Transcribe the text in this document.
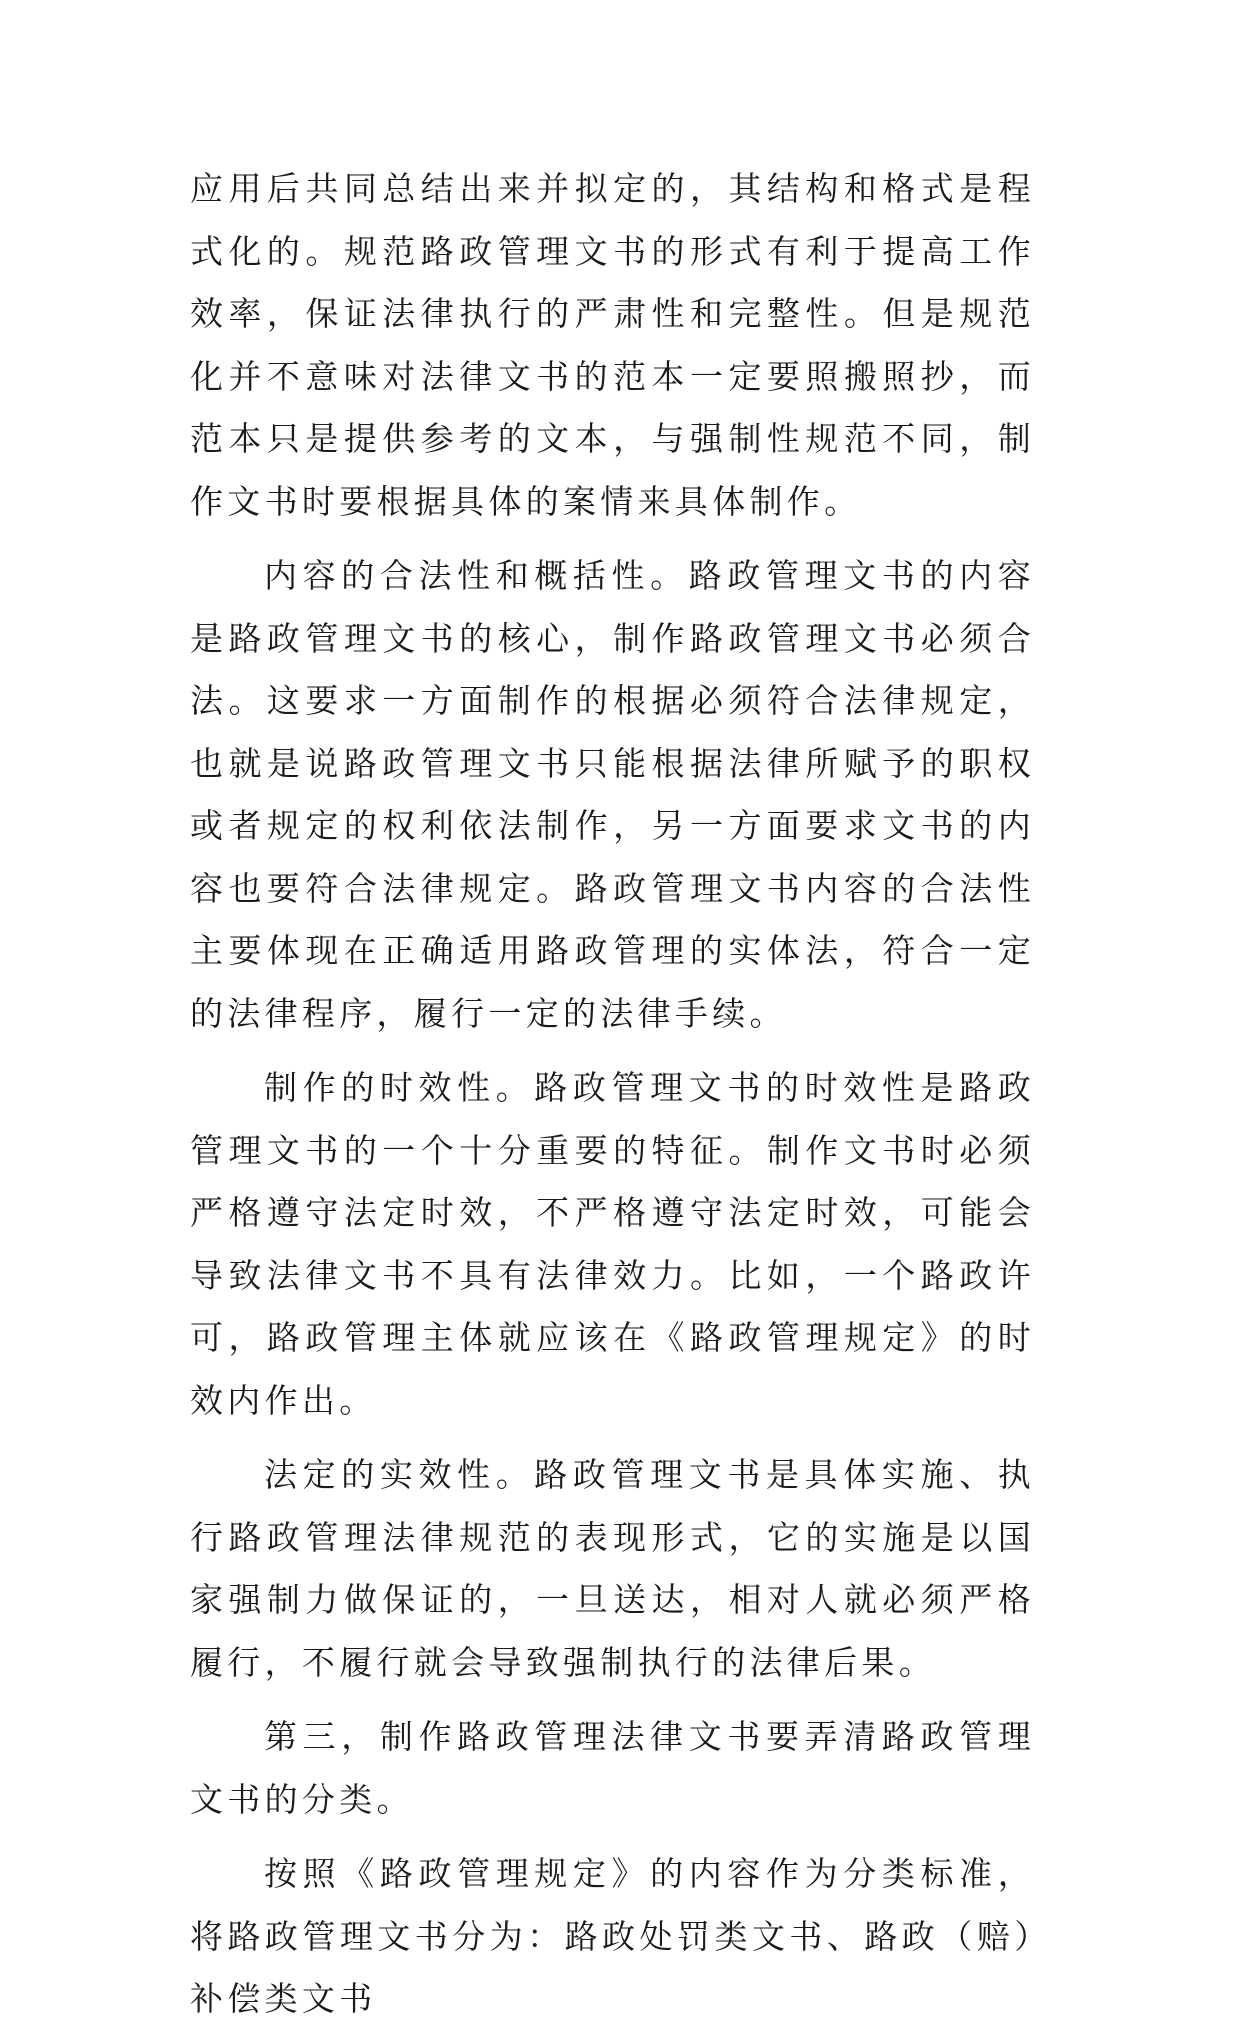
应用后共同总结出来并拟定的，其结构和格式是程式化的。规范路政管理文书的形式有利于提高工作效率，保证法律执行的严肃性和完整性。但是规范化并不意味对法律文书的范本一定要照搬照抄，而范本只是提供参考的文本，与强制性规范不同，制作文书时要根据具体的案情来具体制作。

内容的合法性和概括性。路政管理文书的内容是路政管理文书的核心，制作路政管理文书必须合法。这要求一方面制作的根据必须符合法律规定，也就是说路政管理文书只能根据法律所赋予的职权或者规定的权利依法制作，另一方面要求文书的内容也要符合法律规定。路政管理文书内容的合法性主要体现在正确适用路政管理的实体法，符合一定的法律程序，履行一定的法律手续。

制作的时效性。路政管理文书的时效性是路政管理文书的一个十分重要的特征。制作文书时必须严格遵守法定时效，不严格遵守法定时效，可能会导致法律文书不具有法律效力。比如，一个路政许可，路政管理主体就应该在《路政管理规定》的时效内作出。

法定的实效性。路政管理文书是具体实施、执行路政管理法律规范的表现形式，它的实施是以国家强制力做保证的，一旦送达，相对人就必须严格履行，不履行就会导致强制执行的法律后果。

第三，制作路政管理法律文书要弄清路政管理文书的分类。

按照《路政管理规定》的内容作为分类标准，将路政管理文书分为：路政处罚类文书、路政（赔）补偿类文书
